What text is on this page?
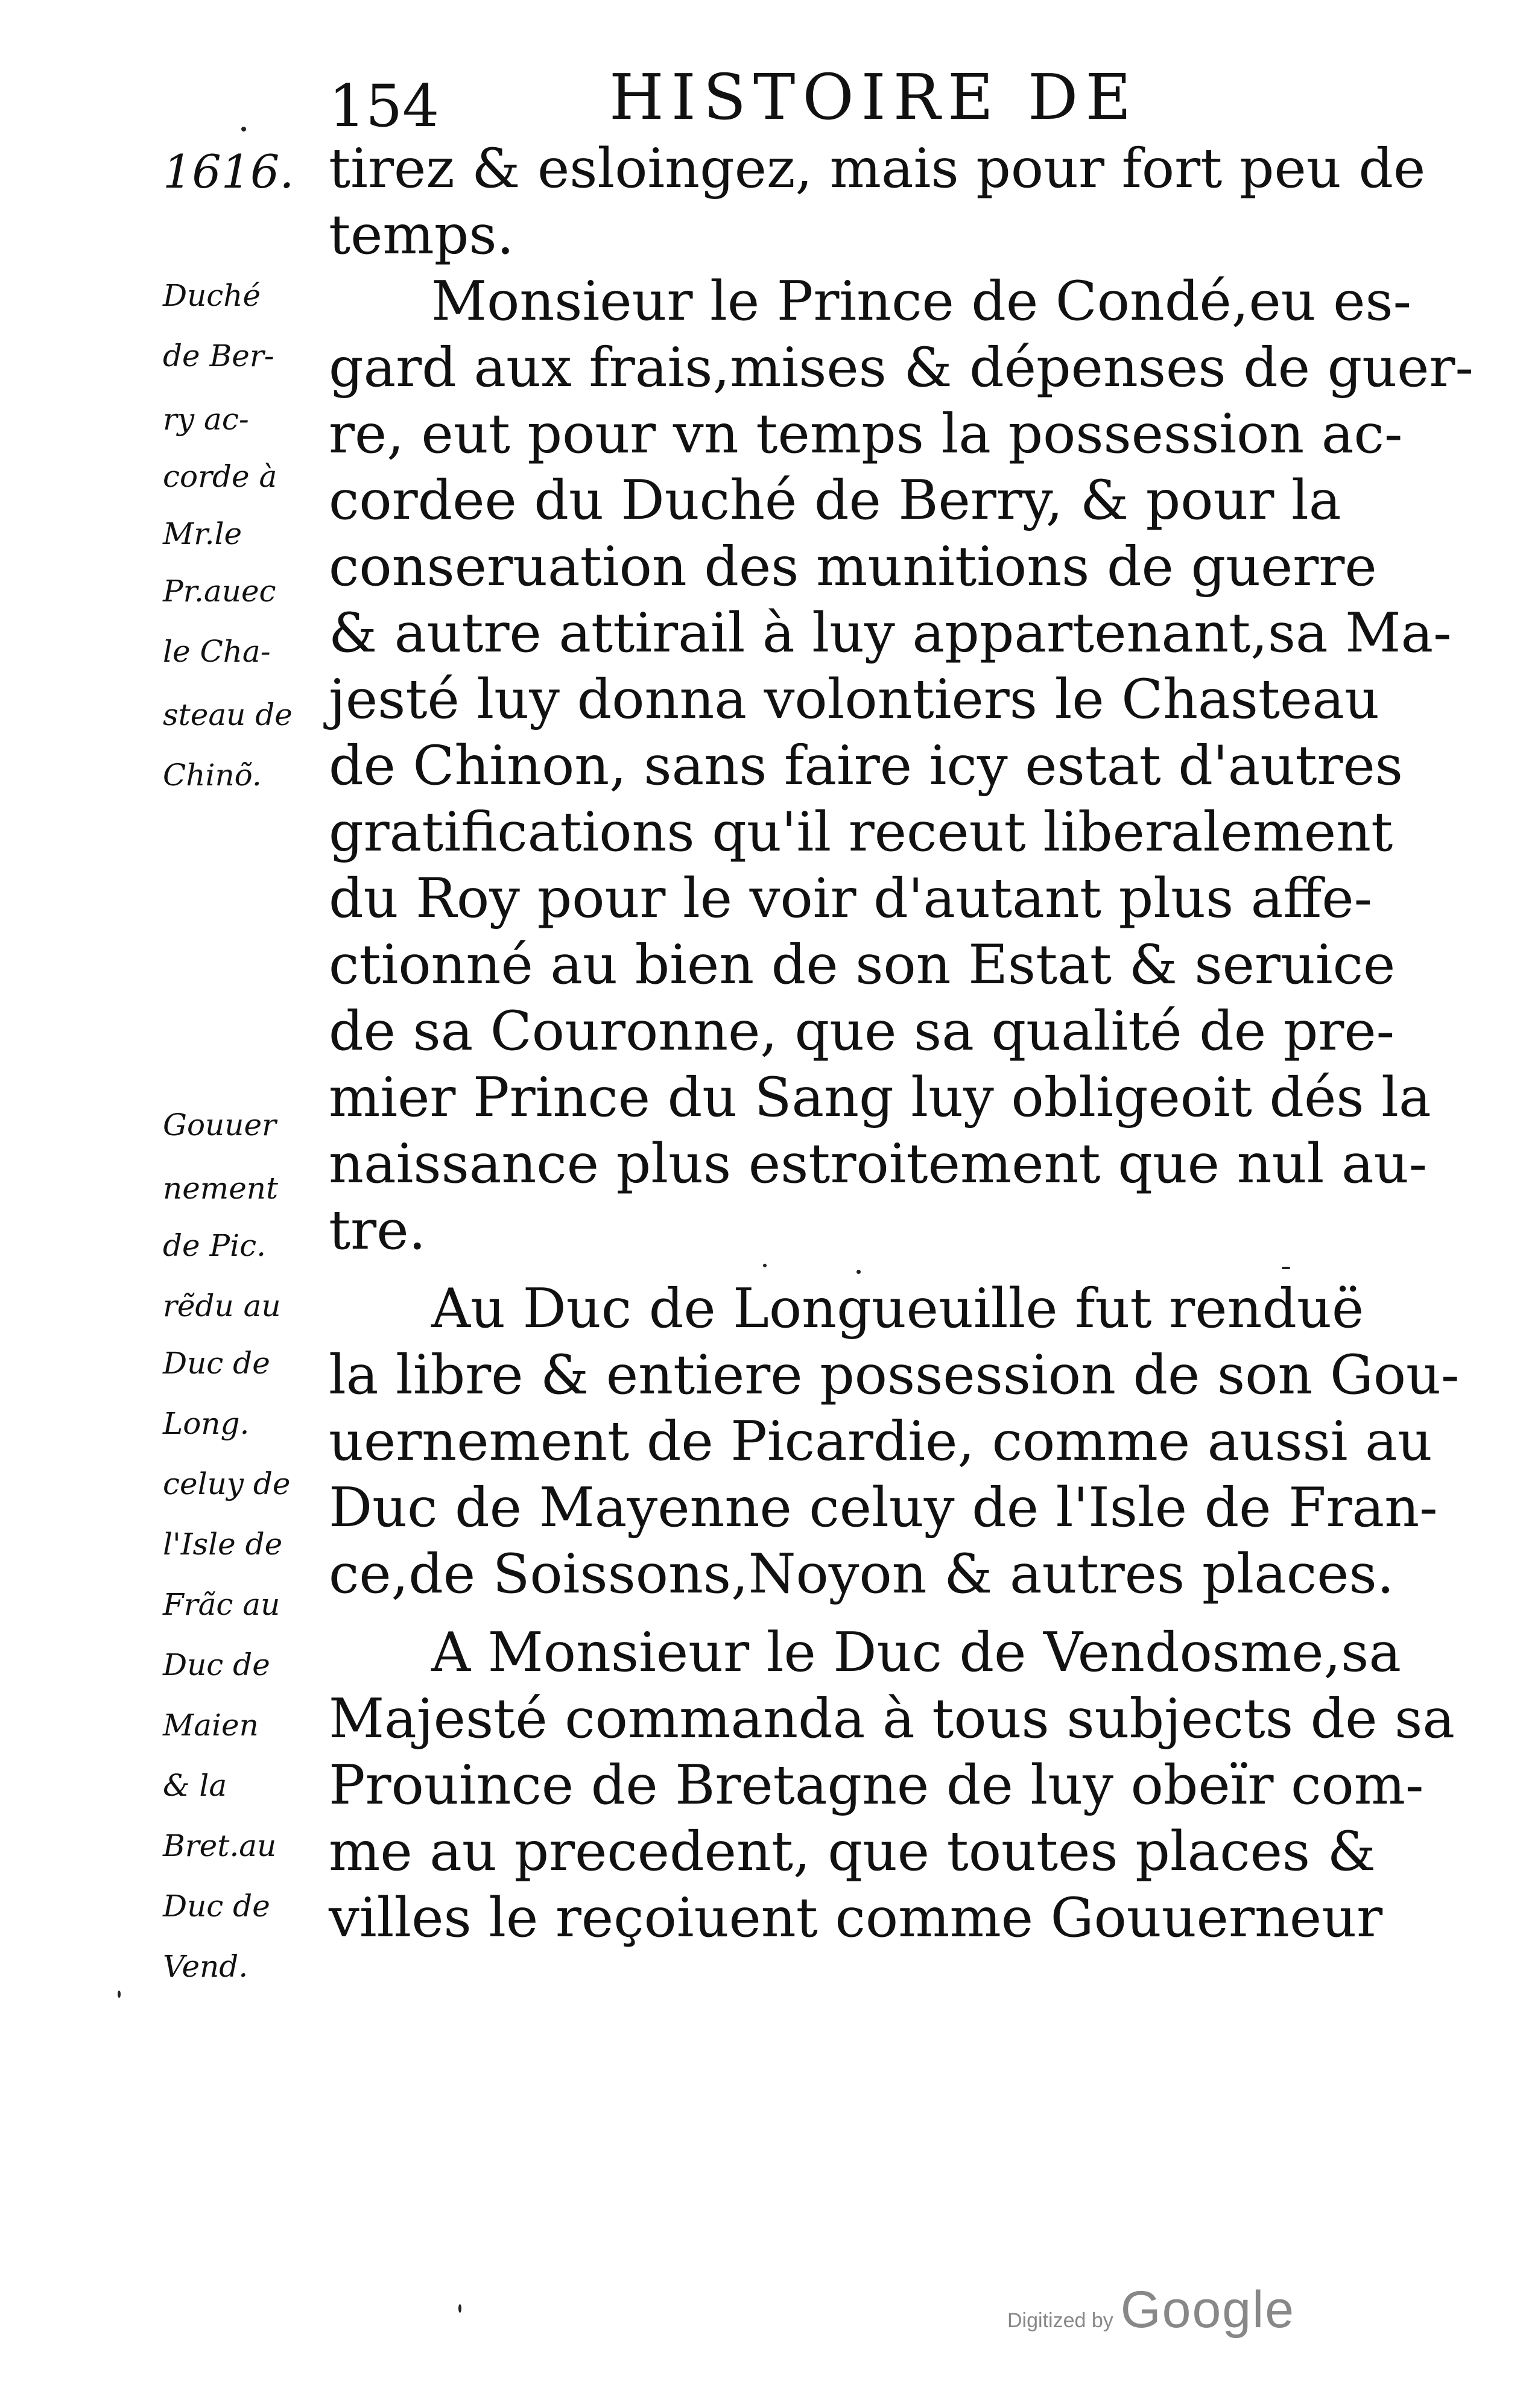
154	HISTOIRE DE
1616. tirez & esloingez, mais pour fort peu de
temps.
Monsieur le Prince de Condé,eu es-
gard aux frais,mises & dépenses de guer-
re, eut pour vn temps la possession ac-
cordee du Duché de Berry, & pour la
conseruation des munitions de guerre
& autre attirail à luy appartenant,sa Ma-
jesté luy donna volontiers le Chasteau
de Chinon, sans faire icy estat d'autres
gratifications qu'il receut liberalement
du Roy pour le voir d'autant plus affe-
ctionné au bien de son Estat & seruice
de sa Couronne, que sa qualité de pre-
mier Prince du Sang luy obligeoit dés la
naissance plus estroitement que nul au-
tre.
Au Duc de Longueuille fut renduë
la libre & entiere possession de son Gou-
uernement de Picardie, comme aussi au
Duc de Mayenne celuy de l'Isle de Fran-
ce,de Soissons,Noyon & autres places.
A Monsieur le Duc de Vendosme,sa
Majesté commanda à tous subjects de sa
Prouince de Bretagne de luy obeïr com-
me au precedent, que toutes places &
villes le reçoiuent comme Gouuerneur
Duché
de Ber-
ry ac-
corde à
Mr.le
Pr.auec
le Cha-
steau de
Chinõ.
Gouuer
nement
de Pic.
rẽdu au
Duc de
Long.
celuy de
l'Isle de
Frãc au
Duc de
Maien
& la
Bret.au
Duc de
Vend.
Digitized by Google
